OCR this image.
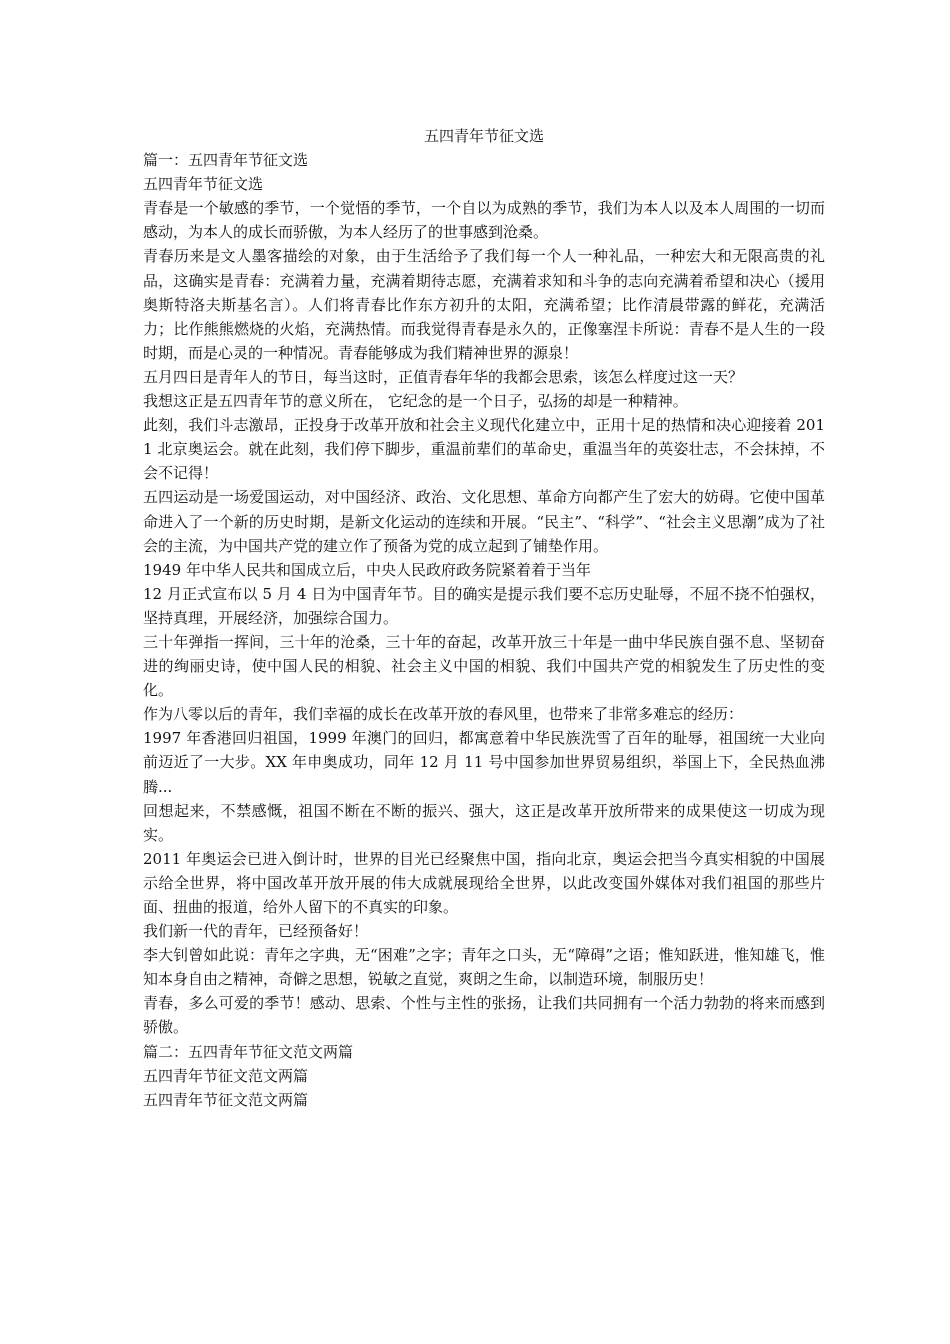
五四青年节征文选

篇一：五四青年节征文选

五四青年节征文选

青春是一个敏感的季节，一个觉悟的季节，一个自以为成熟的季节，我们为本人以及本人周围的一切而感动，为本人的成长而骄傲，为本人经历了的世事感到沧桑。

青春历来是文人墨客描绘的对象，由于生活给予了我们每一个人一种礼品，一种宏大和无限高贵的礼品，这确实是青春：充满着力量，充满着期待志愿，充满着求知和斗争的志向充满着希望和决心（援用奥斯特洛夫斯基名言）。人们将青春比作东方初升的太阳，充满希望；比作清晨带露的鲜花，充满活力；比作熊熊燃烧的火焰，充满热情。而我觉得青春是永久的，正像塞涅卡所说：青春不是人生的一段时期，而是心灵的一种情况。青春能够成为我们精神世界的源泉！

五月四日是青年人的节日，每当这时，正值青春年华的我都会思索，该怎么样度过这一天？

我想这正是五四青年节的意义所在， 它纪念的是一个日子，弘扬的却是一种精神。

此刻，我们斗志激昂，正投身于改革开放和社会主义现代化建立中，正用十足的热情和决心迎接着 2011 北京奥运会。就在此刻，我们停下脚步，重温前辈们的革命史，重温当年的英姿壮志，不会抹掉，不会不记得！

五四运动是一场爱国运动，对中国经济、政治、文化思想、革命方向都产生了宏大的妨碍。它使中国革命进入了一个新的历史时期，是新文化运动的连续和开展。“民主”、“科学”、“社会主义思潮”成为了社会的主流，为中国共产党的建立作了预备为党的成立起到了铺垫作用。

1949 年中华人民共和国成立后，中央人民政府政务院紧着着于当年

12 月正式宣布以 5 月 4 日为中国青年节。目的确实是提示我们要不忘历史耻辱，不屈不挠不怕强权，坚持真理，开展经济，加强综合国力。

三十年弹指一挥间，三十年的沧桑，三十年的奋起，改革开放三十年是一曲中华民族自强不息、坚韧奋进的绚丽史诗，使中国人民的相貌、社会主义中国的相貌、我们中国共产党的相貌发生了历史性的变化。

作为八零以后的青年，我们幸福的成长在改革开放的春风里，也带来了非常多难忘的经历：

1997 年香港回归祖国，1999 年澳门的回归，都寓意着中华民族洗雪了百年的耻辱，祖国统一大业向前迈近了一大步。XX 年申奥成功，同年 12 月 11 号中国参加世界贸易组织，举国上下，全民热血沸腾...

回想起来，不禁感慨，祖国不断在不断的振兴、强大，这正是改革开放所带来的成果使这一切成为现实。

2011 年奥运会已进入倒计时，世界的目光已经聚焦中国，指向北京，奥运会把当今真实相貌的中国展示给全世界，将中国改革开放开展的伟大成就展现给全世界，以此改变国外媒体对我们祖国的那些片面、扭曲的报道，给外人留下的不真实的印象。

我们新一代的青年，已经预备好！

李大钊曾如此说：青年之字典，无“困难”之字；青年之口头，无“障碍”之语；惟知跃进，惟知雄飞，惟知本身自由之精神，奇僻之思想，锐敏之直觉，爽朗之生命，以制造环境，制服历史！

青春，多么可爱的季节！感动、思索、个性与主性的张扬，让我们共同拥有一个活力勃勃的将来而感到骄傲。

篇二：五四青年节征文范文两篇

五四青年节征文范文两篇

五四青年节征文范文两篇
